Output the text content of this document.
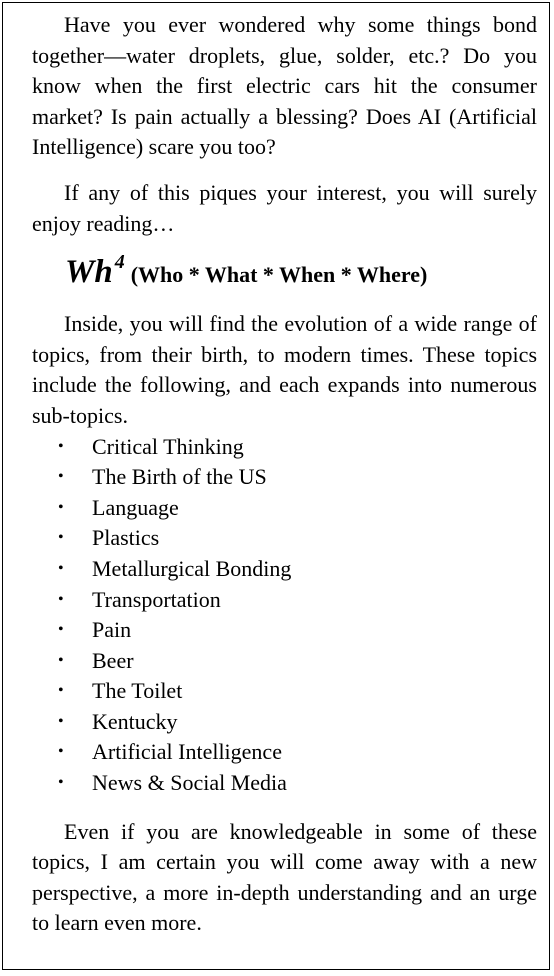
Have you ever wondered why some things bond together—water droplets, glue, solder, etc.? Do you know when the first electric cars hit the consumer market? Is pain actually a blessing? Does AI (Artificial Intelligence) scare you too?

If any of this piques your interest, you will surely enjoy reading…

Wh $^4$ (Who * What * When * Where)

Inside, you will find the evolution of a wide range of topics, from their birth, to modern times. These topics include the following, and each expands into numerous sub-topics.

• Critical Thinking
• The Birth of the US
• Language
• Plastics
• Metallurgical Bonding
• Transportation
• Pain
• Beer
• The Toilet
• Kentucky
• Artificial Intelligence
• News & Social Media

Even if you are knowledgeable in some of these topics, I am certain you will come away with a new perspective, a more in-depth understanding and an urge to learn even more.
